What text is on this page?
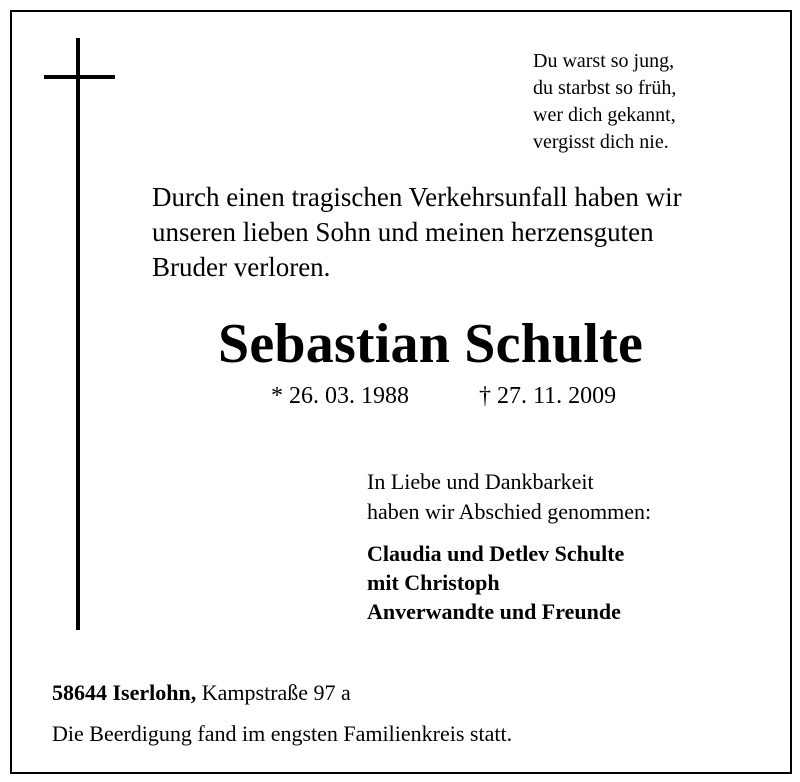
Du warst so jung,
du starbst so früh,
wer dich gekannt,
vergisst dich nie.
Durch einen tragischen Verkehrsunfall haben wir
unseren lieben Sohn und meinen herzensguten
Bruder verloren.
Sebastian Schulte
* 26. 03. 1988	† 27. 11. 2009
In Liebe und Dankbarkeit
haben wir Abschied genommen:
Claudia und Detlev Schulte
mit Christoph
Anverwandte und Freunde
58644 Iserlohn, Kampstraße 97 a
Die Beerdigung fand im engsten Familienkreis statt.
